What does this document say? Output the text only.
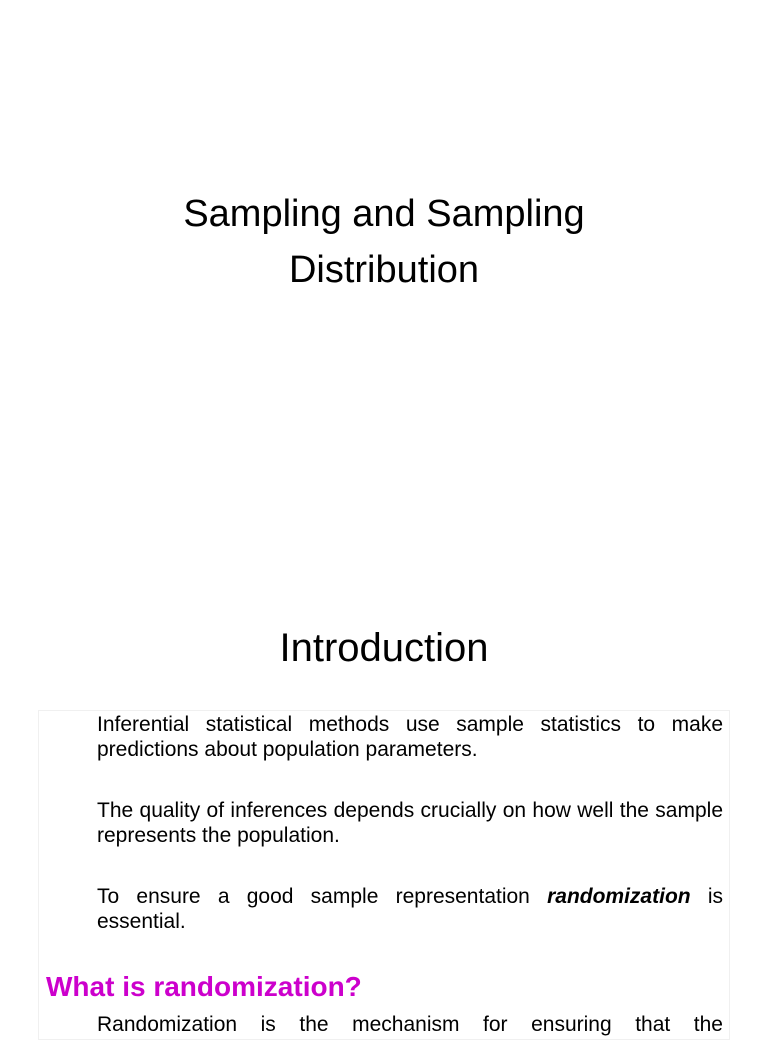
Sampling and Sampling
Distribution
Introduction

Inferential statistical methods use sample statistics to make predictions about population parameters.

The quality of inferences depends crucially on how well the sample represents the population.

To ensure a good sample representation randomization is essential.

What is randomization?

Randomization is the mechanism for ensuring that the
